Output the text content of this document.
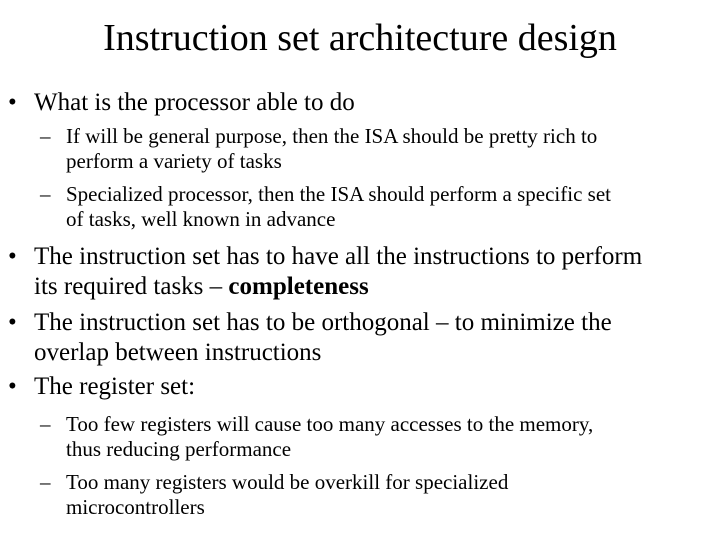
Instruction set architecture design
• What is the processor able to do
– If will be general purpose, then the ISA should be pretty rich to
perform a variety of tasks
– Specialized processor, then the ISA should perform a specific set
of tasks, well known in advance
• The instruction set has to have all the instructions to perform
its required tasks – completeness
• The instruction set has to be orthogonal – to minimize the
overlap between instructions
• The register set:
– Too few registers will cause too many accesses to the memory,
thus reducing performance
– Too many registers would be overkill for specialized
microcontrollers
